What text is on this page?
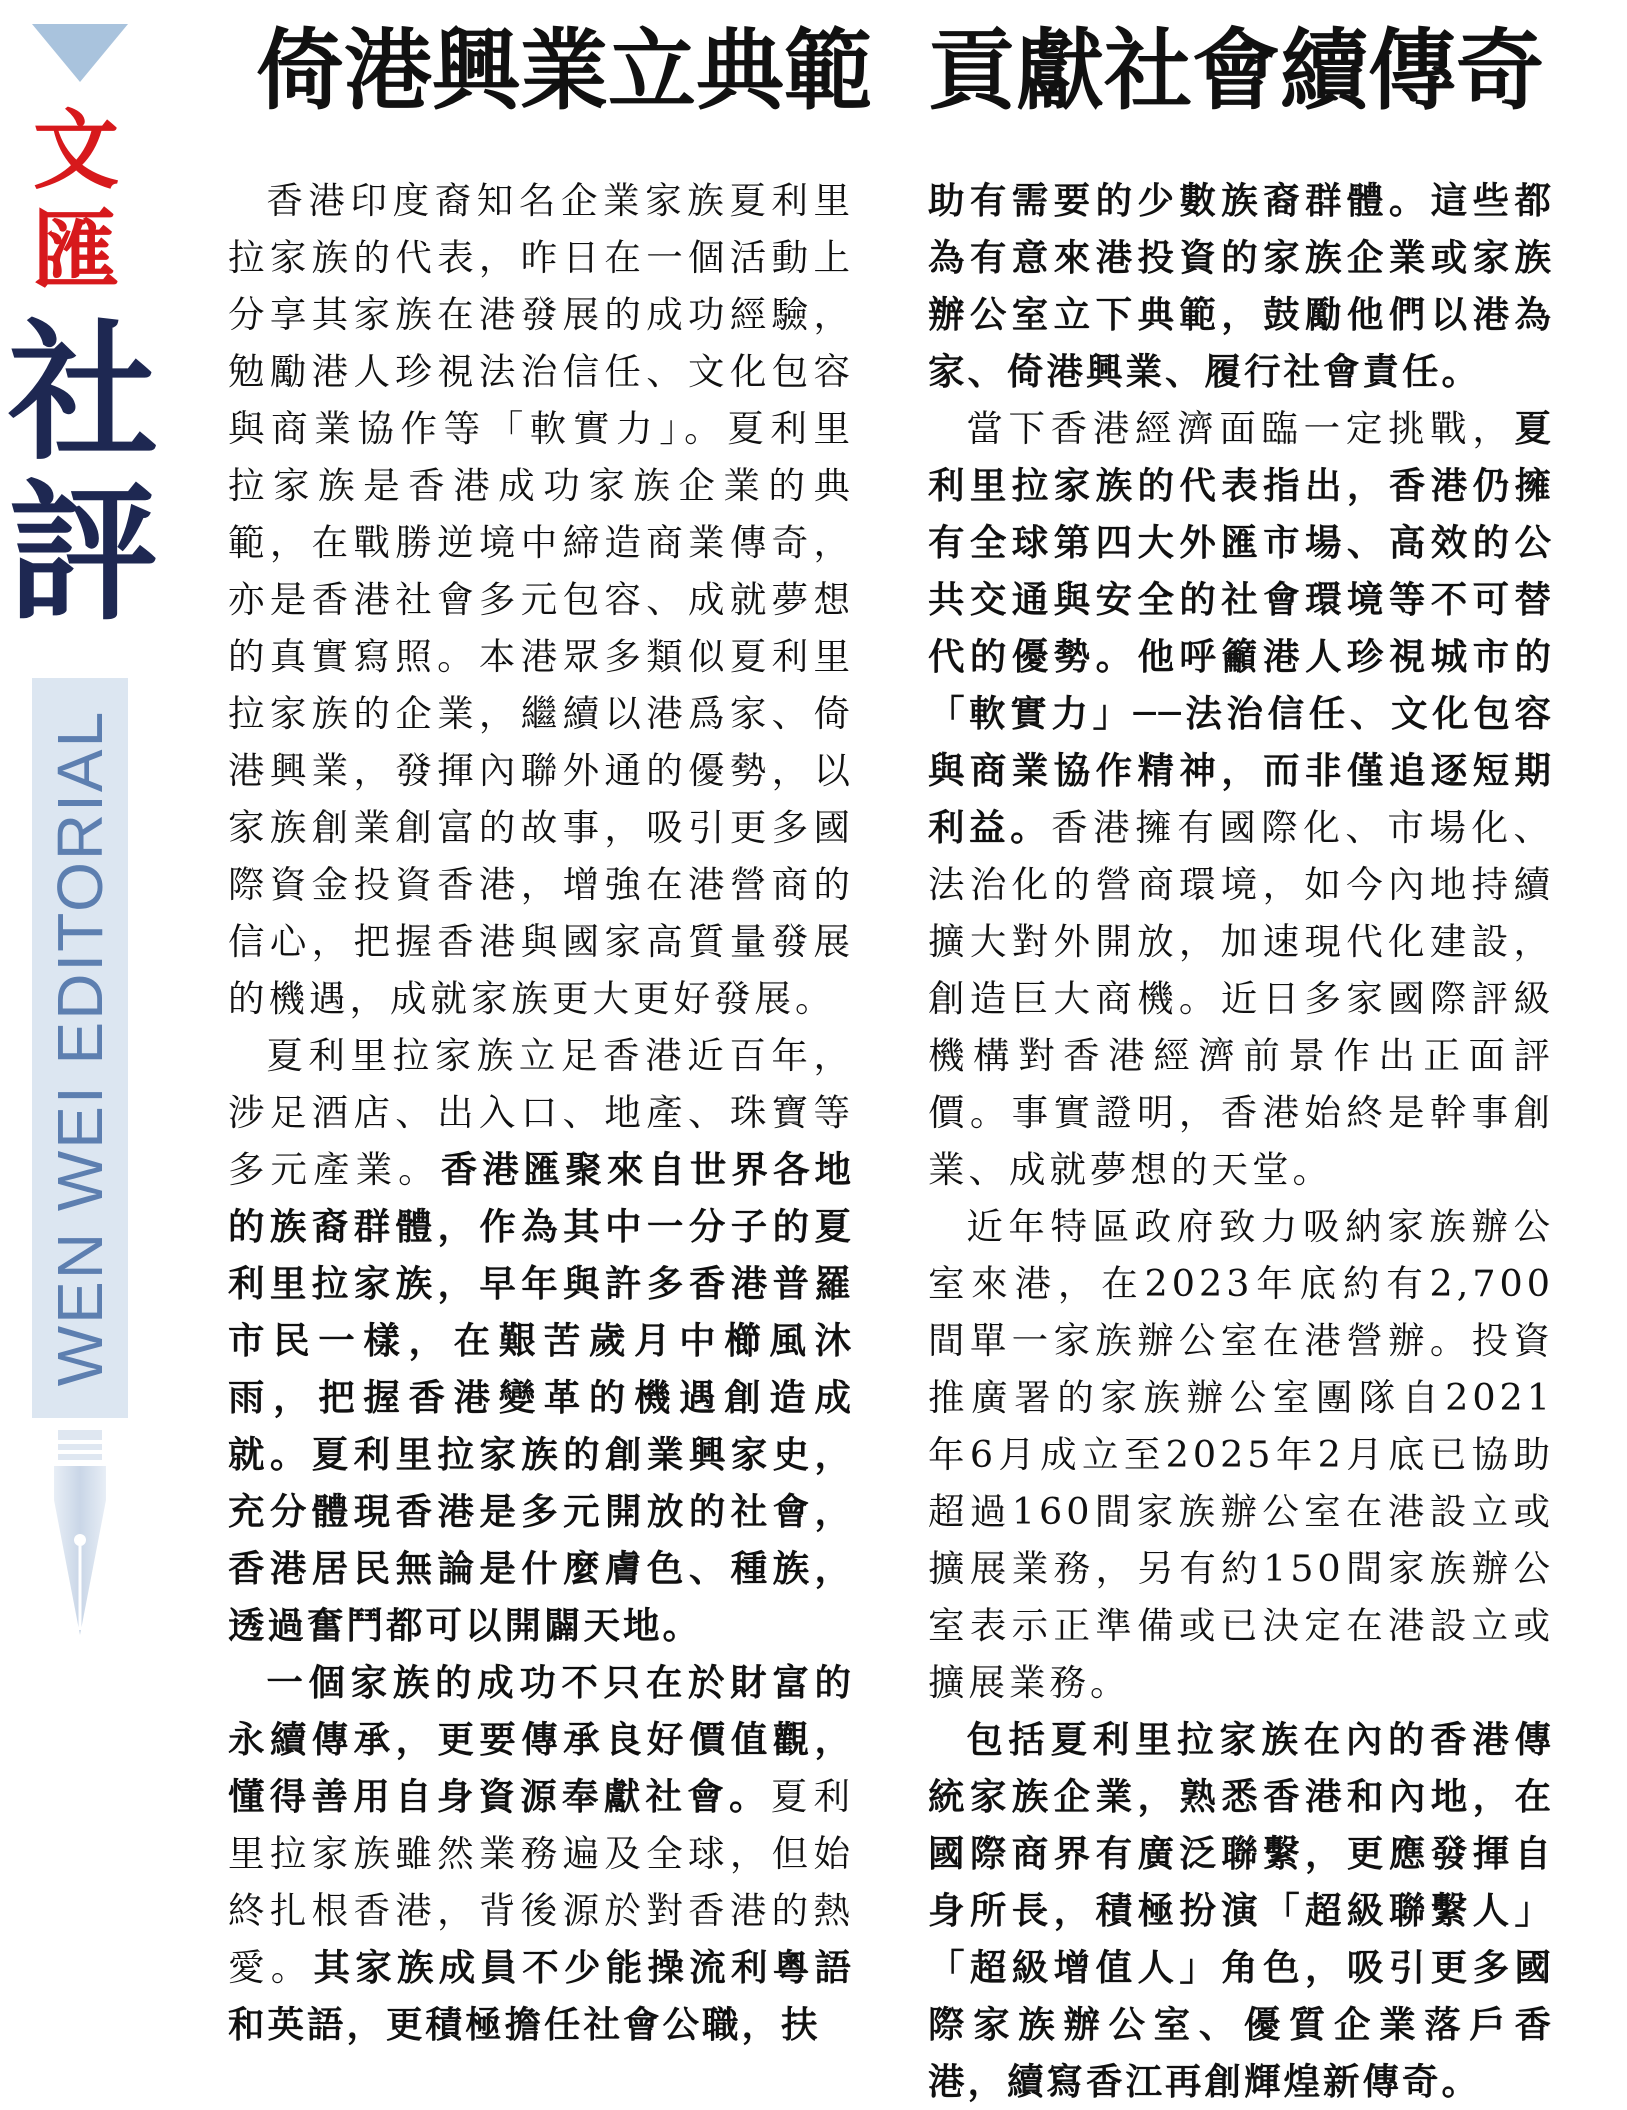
文
匯
社
評
WEN WEI EDITORIAL
倚港興業立典範 貢獻社會續傳奇

香港印度裔知名企業家族夏利里拉家族的代表，昨日在一個活動上分享其家族在港發展的成功經驗，勉勵港人珍視法治信任、文化包容與商業協作等「軟實力」。夏利里拉家族是香港成功家族企業的典範，在戰勝逆境中締造商業傳奇，亦是香港社會多元包容、成就夢想的真實寫照。本港眾多類似夏利里拉家族的企業，繼續以港爲家、倚港興業，發揮內聯外通的優勢，以家族創業創富的故事，吸引更多國際資金投資香港，增強在港營商的信心，把握香港與國家高質量發展的機遇，成就家族更大更好發展。

夏利里拉家族立足香港近百年，涉足酒店、出入口、地產、珠寶等多元產業。香港匯聚來自世界各地的族裔群體，作為其中一分子的夏利里拉家族，早年與許多香港普羅市民一樣，在艱苦歲月中櫛風沐雨，把握香港變革的機遇創造成就。夏利里拉家族的創業興家史，充分體現香港是多元開放的社會，香港居民無論是什麼膚色、種族，透過奮鬥都可以開闢天地。

一個家族的成功不只在於財富的永續傳承，更要傳承良好價值觀，懂得善用自身資源奉獻社會。夏利里拉家族雖然業務遍及全球，但始終扎根香港，背後源於對香港的熱愛。其家族成員不少能操流利粵語和英語，更積極擔任社會公職，扶

助有需要的少數族裔群體。這些都為有意來港投資的家族企業或家族辦公室立下典範，鼓勵他們以港為家、倚港興業、履行社會責任。

當下香港經濟面臨一定挑戰，夏利里拉家族的代表指出，香港仍擁有全球第四大外匯市場、高效的公共交通與安全的社會環境等不可替代的優勢。他呼籲港人珍視城市的「軟實力」──法治信任、文化包容與商業協作精神，而非僅追逐短期利益。香港擁有國際化、市場化、法治化的營商環境，如今內地持續擴大對外開放，加速現代化建設，創造巨大商機。近日多家國際評級機構對香港經濟前景作出正面評價。事實證明，香港始終是幹事創業、成就夢想的天堂。

近年特區政府致力吸納家族辦公室來港，在2023年底約有2,700間單一家族辦公室在港營辦。投資推廣署的家族辦公室團隊自2021年6月成立至2025年2月底已協助超過160間家族辦公室在港設立或擴展業務，另有約150間家族辦公室表示正準備或已決定在港設立或擴展業務。

包括夏利里拉家族在內的香港傳統家族企業，熟悉香港和內地，在國際商界有廣泛聯繫，更應發揮自身所長，積極扮演「超級聯繫人」「超級增值人」角色，吸引更多國際家族辦公室、優質企業落戶香港，續寫香江再創輝煌新傳奇。
